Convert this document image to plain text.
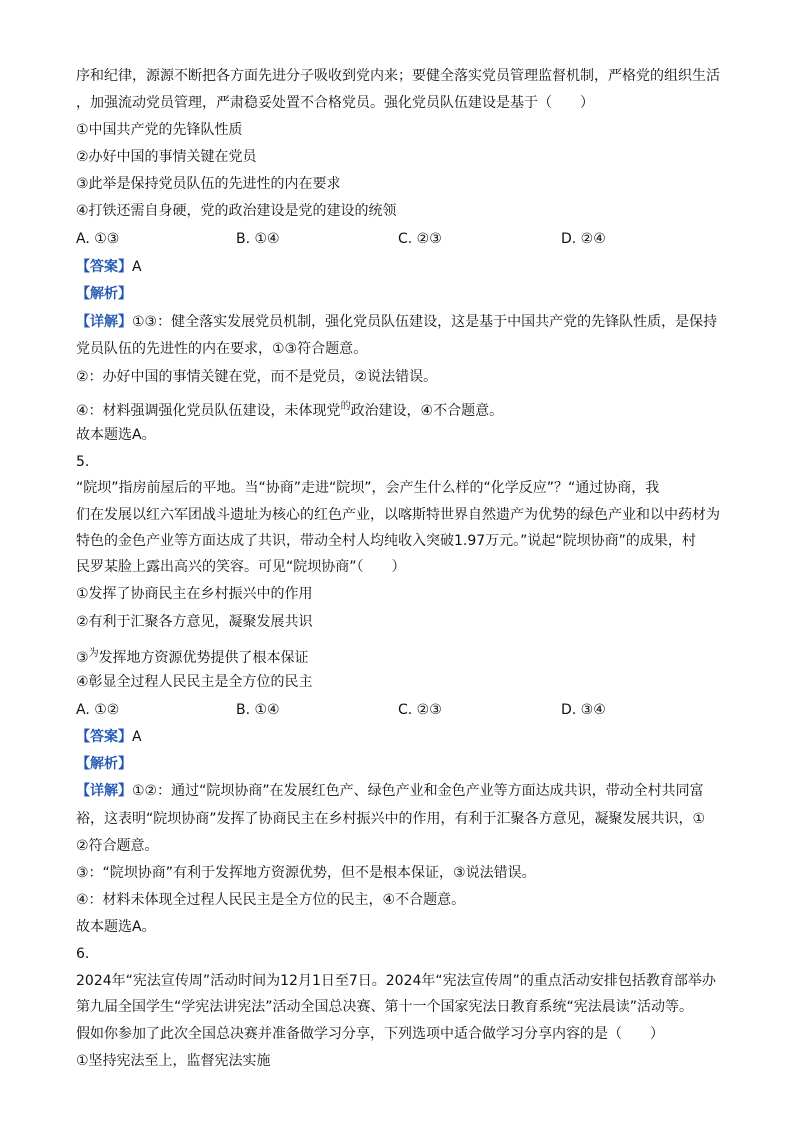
序和纪律，源源不断把各方面先进分子吸收到党内来；要健全落实党员管理监督机制，严格党的组织生活
，加强流动党员管理，严肃稳妥处置不合格党员。强化党员队伍建设是基于（　　）
①中国共产党的先锋队性质
②办好中国的事情关键在党员
③此举是保持党员队伍的先进性的内在要求
④打铁还需自身硬，党的政治建设是党的建设的统领
A. ①③	B. ①④	C. ②③	D. ②④
【答案】A
【解析】
【详解】①③：健全落实发展党员机制，强化党员队伍建设，这是基于中国共产党的先锋队性质，是保持
党员队伍的先进性的内在要求，①③符合题意。
②：办好中国的事情关键在党，而不是党员，②说法错误。
④：材料强调强化党员队伍建设，未体现党$^的$政治建设，④不合题意。
故本题选A。
5.
“院坝”指房前屋后的平地。当“协商”走进“院坝”，会产生什么样的“化学反应”？“通过协商，我
们在发展以红六军团战斗遗址为核心的红色产业，以喀斯特世界自然遗产为优势的绿色产业和以中药材为
特色的金色产业等方面达成了共识，带动全村人均纯收入突破1.97万元。”说起“院坝协商”的成果，村
民罗某脸上露出高兴的笑容。可见“院坝协商”（　　）
①发挥了协商民主在乡村振兴中的作用
②有利于汇聚各方意见，凝聚发展共识
③$^为$发挥地方资源优势提供了根本保证
④彰显全过程人民民主是全方位的民主
A. ①②	B. ①④	C. ②③	D. ③④
【答案】A
【解析】
【详解】①②：通过“院坝协商”在发展红色产、绿色产业和金色产业等方面达成共识，带动全村共同富
裕，这表明“院坝协商”发挥了协商民主在乡村振兴中的作用，有利于汇聚各方意见，凝聚发展共识，①
②符合题意。
③：“院坝协商”有利于发挥地方资源优势，但不是根本保证，③说法错误。
④：材料未体现全过程人民民主是全方位的民主，④不合题意。
故本题选A。
6.
2024年“宪法宣传周”活动时间为12月1日至7日。2024年“宪法宣传周”的重点活动安排包括教育部举办
第九届全国学生“学宪法讲宪法”活动全国总决赛、第十一个国家宪法日教育系统“宪法晨读”活动等。
假如你参加了此次全国总决赛并准备做学习分享，下列选项中适合做学习分享内容的是（　　）
①坚持宪法至上，监督宪法实施
